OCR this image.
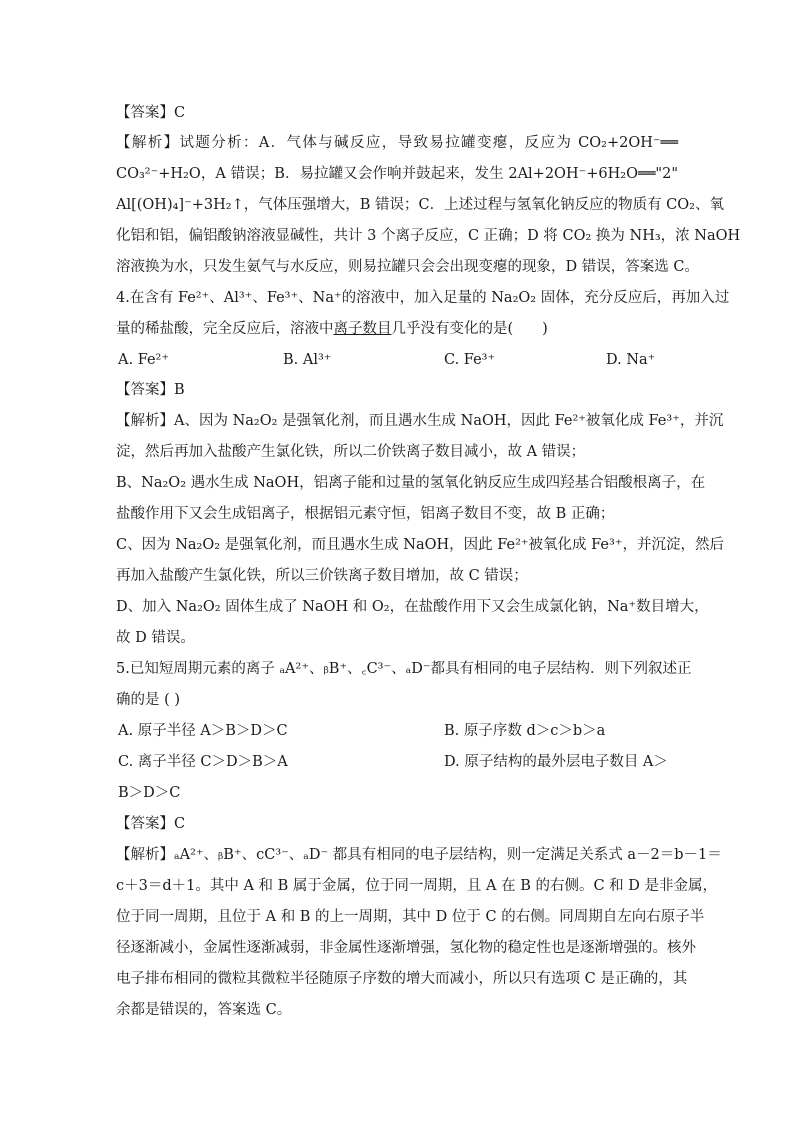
【答案】C
【解析】试题分析：A．气体与碱反应，导致易拉罐变瘪，反应为 CO₂+2OH⁻══
CO₃²⁻+H₂O，A 错误；B．易拉罐又会作响并鼓起来，发生 2Al+2OH⁻+6H₂O══"2"
Al[(OH)₄]⁻+3H₂↑，气体压强增大，B 错误；C．上述过程与氢氧化钠反应的物质有 CO₂、氧
化铝和铝，偏铝酸钠溶液显碱性，共计 3 个离子反应，C 正确；D 将 CO₂ 换为 NH₃，浓 NaOH
溶液换为水，只发生氨气与水反应，则易拉罐只会会出现变瘪的现象，D 错误，答案选 C。
4.在含有 Fe²⁺、Al³⁺、Fe³⁺、Na⁺的溶液中，加入足量的 Na₂O₂ 固体，充分反应后，再加入过
量的稀盐酸，完全反应后，溶液中离子数目几乎没有变化的是(　　)
A. Fe²⁺	B. Al³⁺	C. Fe³⁺	D. Na⁺
【答案】B
【解析】A、因为 Na₂O₂ 是强氧化剂，而且遇水生成 NaOH，因此 Fe²⁺被氧化成 Fe³⁺，并沉
淀，然后再加入盐酸产生氯化铁，所以二价铁离子数目减小，故 A 错误；
B、Na₂O₂ 遇水生成 NaOH，铝离子能和过量的氢氧化钠反应生成四羟基合铝酸根离子，在
盐酸作用下又会生成铝离子，根据铝元素守恒，铝离子数目不变，故 B 正确；
C、因为 Na₂O₂ 是强氧化剂，而且遇水生成 NaOH，因此 Fe²⁺被氧化成 Fe³⁺，并沉淀，然后
再加入盐酸产生氯化铁，所以三价铁离子数目增加，故 C 错误；
D、加入 Na₂O₂ 固体生成了 NaOH 和 O₂，在盐酸作用下又会生成氯化钠，Na⁺数目增大，
故 D 错误。
5.已知短周期元素的离子 ₐA²⁺、ᵦB⁺、꜀C³⁻、ₐD⁻都具有相同的电子层结构．则下列叙述正
确的是 ( )
A. 原子半径 A＞B＞D＞C	B. 原子序数 d＞c＞b＞a
C. 离子半径 C＞D＞B＞A	D. 原子结构的最外层电子数目 A＞
B＞D＞C
【答案】C
【解析】ₐA²⁺、ᵦB⁺、cC³⁻、ₐD⁻ 都具有相同的电子层结构，则一定满足关系式 a－2＝b－1＝
c＋3＝d＋1。其中 A 和 B 属于金属，位于同一周期，且 A 在 B 的右侧。C 和 D 是非金属，
位于同一周期，且位于 A 和 B 的上一周期，其中 D 位于 C 的右侧。同周期自左向右原子半
径逐渐减小，金属性逐渐减弱，非金属性逐渐增强，氢化物的稳定性也是逐渐增强的。核外
电子排布相同的微粒其微粒半径随原子序数的增大而减小，所以只有选项 C 是正确的，其
余都是错误的，答案选 C。
